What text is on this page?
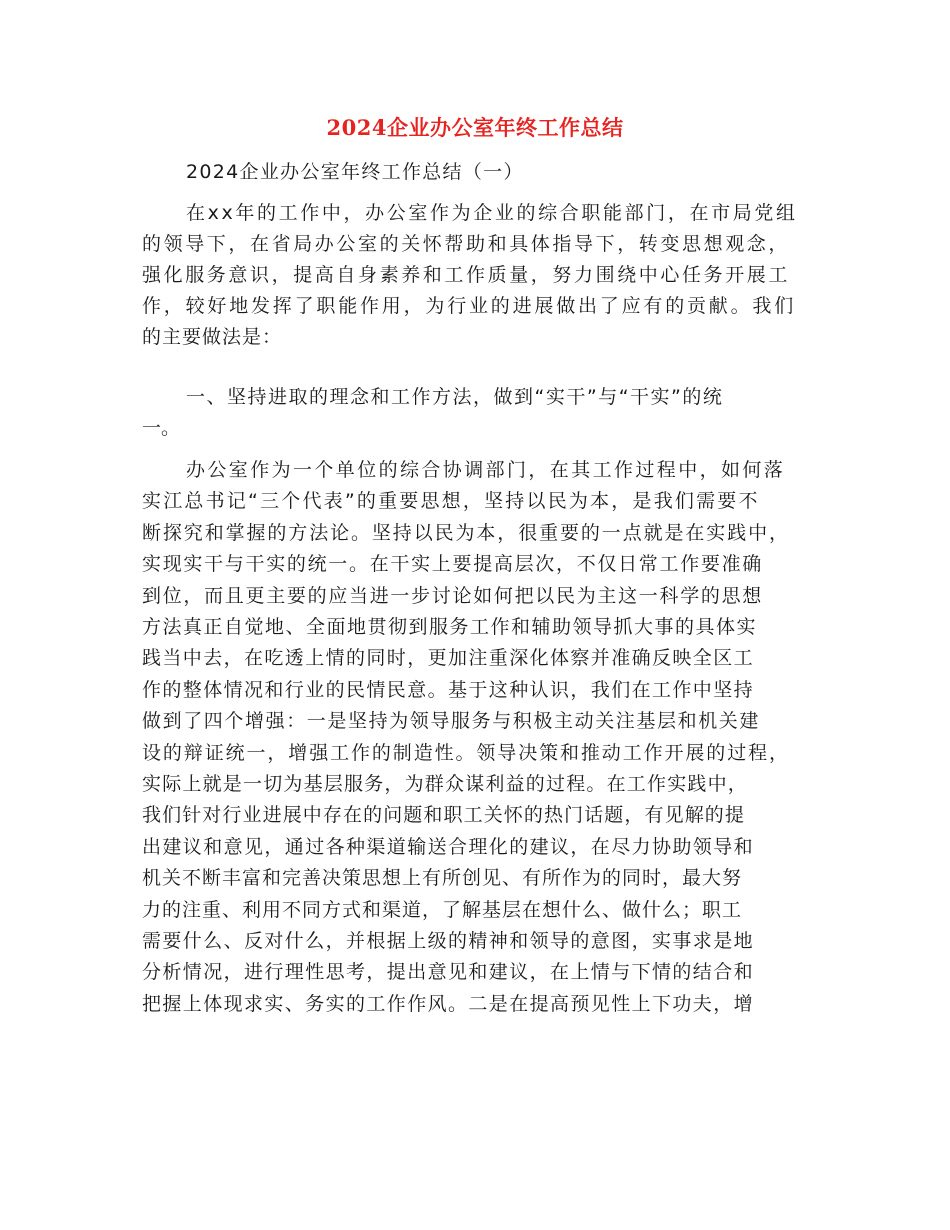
2024企业办公室年终工作总结
2024企业办公室年终工作总结（一）
在xx年的工作中，办公室作为企业的综合职能部门，在市局党组
的领导下，在省局办公室的关怀帮助和具体指导下，转变思想观念，
强化服务意识，提高自身素养和工作质量，努力围绕中心任务开展工
作，较好地发挥了职能作用，为行业的进展做出了应有的贡献。我们
的主要做法是：
一、坚持进取的理念和工作方法，做到“实干”与“干实”的统
一。
办公室作为一个单位的综合协调部门，在其工作过程中，如何落
实江总书记“三个代表”的重要思想，坚持以民为本，是我们需要不
断探究和掌握的方法论。坚持以民为本，很重要的一点就是在实践中，
实现实干与干实的统一。在干实上要提高层次，不仅日常工作要准确
到位，而且更主要的应当进一步讨论如何把以民为主这一科学的思想
方法真正自觉地、全面地贯彻到服务工作和辅助领导抓大事的具体实
践当中去，在吃透上情的同时，更加注重深化体察并准确反映全区工
作的整体情况和行业的民情民意。基于这种认识，我们在工作中坚持
做到了四个增强：一是坚持为领导服务与积极主动关注基层和机关建
设的辩证统一，增强工作的制造性。领导决策和推动工作开展的过程，
实际上就是一切为基层服务，为群众谋利益的过程。在工作实践中，
我们针对行业进展中存在的问题和职工关怀的热门话题，有见解的提
出建议和意见，通过各种渠道输送合理化的建议，在尽力协助领导和
机关不断丰富和完善决策思想上有所创见、有所作为的同时，最大努
力的注重、利用不同方式和渠道，了解基层在想什么、做什么；职工
需要什么、反对什么，并根据上级的精神和领导的意图，实事求是地
分析情况，进行理性思考，提出意见和建议，在上情与下情的结合和
把握上体现求实、务实的工作作风。二是在提高预见性上下功夫，增
